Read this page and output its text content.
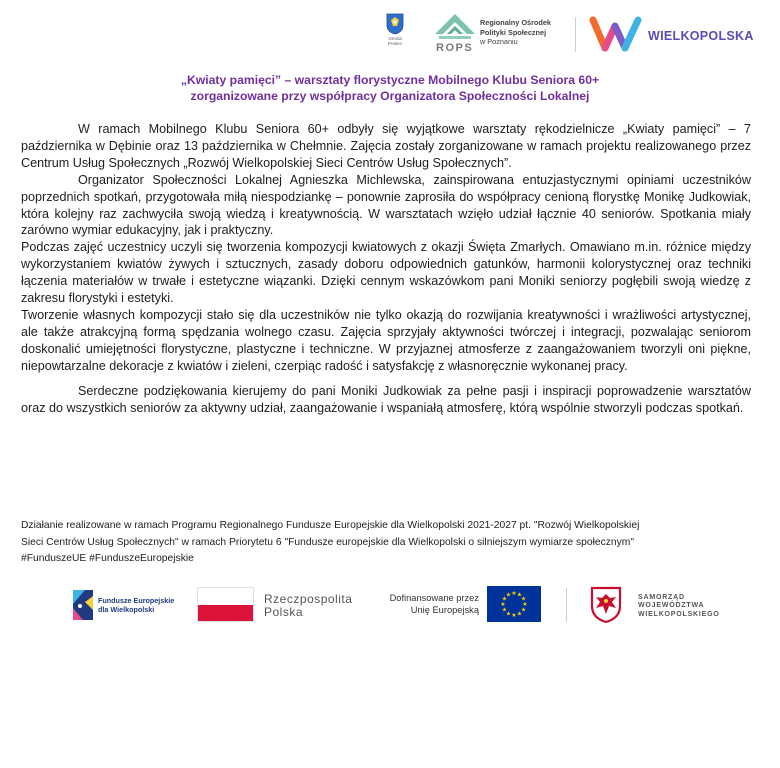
Gmina
Poniec	ROPS
Regionalny Ośrodek
Polityki Społecznej
w Poznaniu	WIELKOPOLSKA
„Kwiaty pamięci” – warsztaty florystyczne Mobilnego Klubu Seniora 60+
zorganizowane przy współpracy Organizatora Społeczności Lokalnej

W ramach Mobilnego Klubu Seniora 60+ odbyły się wyjątkowe warsztaty rękodzielnicze „Kwiaty pamięci” – 7 października w Dębinie oraz 13 października w Chełmnie. Zajęcia zostały zorganizowane w ramach projektu realizowanego przez Centrum Usług Społecznych „Rozwój Wielkopolskiej Sieci Centrów Usług Społecznych”.

Organizator Społeczności Lokalnej Agnieszka Michlewska, zainspirowana entuzjastycznymi opiniami uczestników poprzednich spotkań, przygotowała miłą niespodziankę – ponownie zaprosiła do współpracy cenioną florystkę Monikę Judkowiak, która kolejny raz zachwyciła swoją wiedzą i kreatywnością. W warsztatach wzięło udział łącznie 40 seniorów. Spotkania miały zarówno wymiar edukacyjny, jak i praktyczny.

Podczas zajęć uczestnicy uczyli się tworzenia kompozycji kwiatowych z okazji Święta Zmarłych. Omawiano m.in. różnice między wykorzystaniem kwiatów żywych i sztucznych, zasady doboru odpowiednich gatunków, harmonii kolorystycznej oraz techniki łączenia materiałów w trwałe i estetyczne wiązanki. Dzięki cennym wskazówkom pani Moniki seniorzy pogłębili swoją wiedzę z zakresu florystyki i estetyki.

Tworzenie własnych kompozycji stało się dla uczestników nie tylko okazją do rozwijania kreatywności i wrażliwości artystycznej, ale także atrakcyjną formą spędzania wolnego czasu. Zajęcia sprzyjały aktywności twórczej i integracji, pozwalając seniorom doskonalić umiejętności florystyczne, plastyczne i techniczne. W przyjaznej atmosferze z zaangażowaniem tworzyli oni piękne, niepowtarzalne dekoracje z kwiatów i zieleni, czerpiąc radość i satysfakcję z własnoręcznie wykonanej pracy.

Serdeczne podziękowania kierujemy do pani Moniki Judkowiak za pełne pasji i inspiracji poprowadzenie warsztatów oraz do wszystkich seniorów za aktywny udział, zaangażowanie i wspaniałą atmosferę, którą wspólnie stworzyli podczas spotkań.

Działanie realizowane w ramach Programu Regionalnego Fundusze Europejskie dla Wielkopolski 2021-2027 pt. "Rozwój Wielkopolskiej

Sieci Centrów Usług Społecznych" w ramach Priorytetu 6 "Fundusze europejskie dla Wielkopolski o silniejszym wymiarze społecznym"

#FunduszeUE #FunduszeEuropejskie

Fundusze Europejskie
dla Wielkopolski
Rzeczpospolita
Polska
Dofinansowane przez
Unię Europejską
★ ★
★
★
★
★
★
★
★
★
★
★	SAMORZĄD
WOJEWÓDZTWA
WIELKOPOLSKIEGO
